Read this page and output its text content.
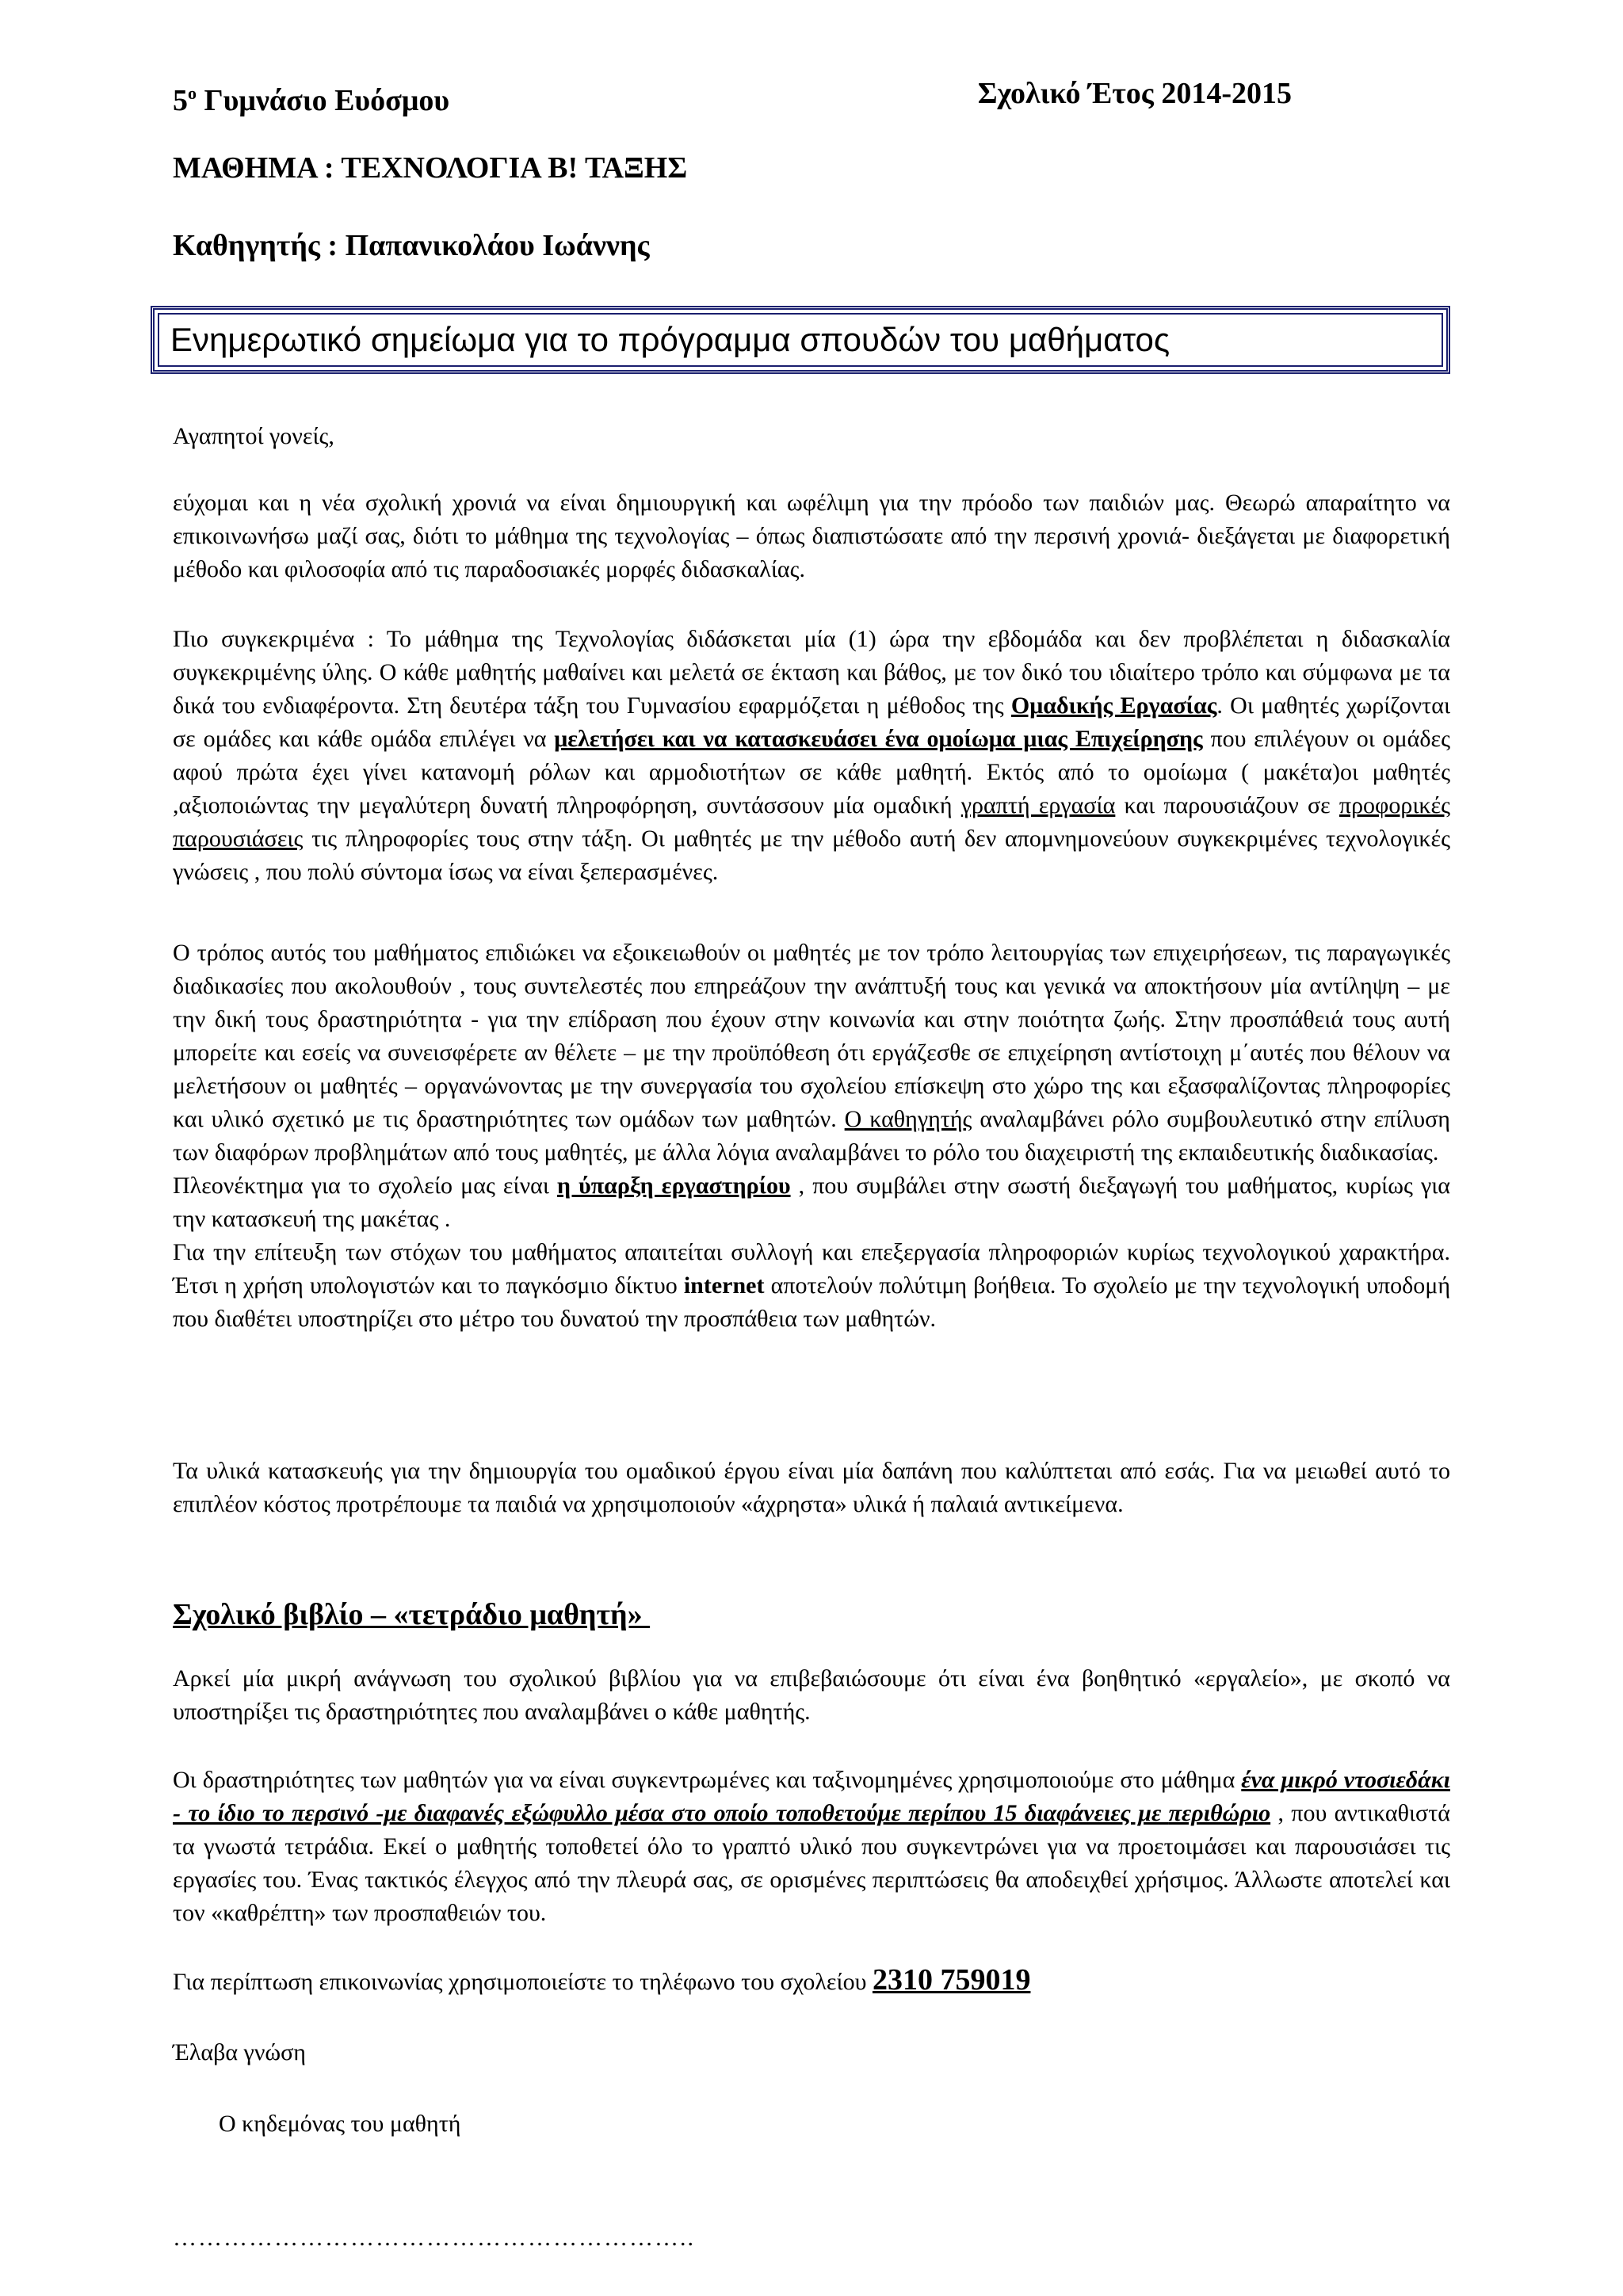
$5^o$ Γυμνάσιο Ευόσμου	Σχολικό Έτος 2014-2015
ΜΑΘΗΜΑ : ΤΕΧΝΟΛΟΓΙΑ Β! ΤΑΞΗΣ
Καθηγητής : Παπανικολάου Ιωάννης
Ενημερωτικό σημείωμα για το πρόγραμμα σπουδών του μαθήματος
Αγαπητοί γονείς,

εύχομαι και η νέα σχολική χρονιά να είναι δημιουργική και ωφέλιμη για την πρόοδο των παιδιών μας. Θεωρώ απαραίτητο να επικοινωνήσω μαζί σας, διότι το μάθημα της τεχνολογίας – όπως διαπιστώσατε από την περσινή χρονιά- διεξάγεται με διαφορετική μέθοδο και φιλοσοφία από τις παραδοσιακές μορφές διδασκαλίας.

Πιο συγκεκριμένα : Το μάθημα της Τεχνολογίας διδάσκεται μία (1) ώρα την εβδομάδα και δεν προβλέπεται η διδασκαλία συγκεκριμένης ύλης. Ο κάθε μαθητής μαθαίνει και μελετά σε έκταση και βάθος, με τον δικό του ιδιαίτερο τρόπο και σύμφωνα με τα δικά του ενδιαφέροντα. Στη δευτέρα τάξη του Γυμνασίου εφαρμόζεται η μέθοδος της Ομαδικής Εργασίας. Οι μαθητές χωρίζονται σε ομάδες και κάθε ομάδα επιλέγει να μελετήσει και να κατασκευάσει ένα ομοίωμα μιας Επιχείρησης που επιλέγουν οι ομάδες αφού πρώτα έχει γίνει κατανομή ρόλων και αρμοδιοτήτων σε κάθε μαθητή. Εκτός από το ομοίωμα ( μακέτα)οι μαθητές ,αξιοποιώντας την μεγαλύτερη δυνατή πληροφόρηση, συντάσσουν μία ομαδική γραπτή εργασία και παρουσιάζουν σε προφορικές παρουσιάσεις τις πληροφορίες τους στην τάξη. Οι μαθητές με την μέθοδο αυτή δεν απομνημονεύουν συγκεκριμένες τεχνολογικές γνώσεις , που πολύ σύντομα ίσως να είναι ξεπερασμένες.

Ο τρόπος αυτός του μαθήματος επιδιώκει να εξοικειωθούν οι μαθητές με τον τρόπο λειτουργίας των επιχειρήσεων, τις παραγωγικές διαδικασίες που ακολουθούν , τους συντελεστές που επηρεάζουν την ανάπτυξή τους και γενικά να αποκτήσουν μία αντίληψη – με την δική τους δραστηριότητα - για την επίδραση που έχουν στην κοινωνία και στην ποιότητα ζωής. Στην προσπάθειά τους αυτή μπορείτε και εσείς να συνεισφέρετε αν θέλετε – με την προϋπόθεση ότι εργάζεσθε σε επιχείρηση αντίστοιχη μ΄αυτές που θέλουν να μελετήσουν οι μαθητές – οργανώνοντας με την συνεργασία του σχολείου επίσκεψη στο χώρο της και εξασφαλίζοντας πληροφορίες και υλικό σχετικό με τις δραστηριότητες των ομάδων των μαθητών. Ο καθηγητής αναλαμβάνει ρόλο συμβουλευτικό στην επίλυση των διαφόρων προβλημάτων από τους μαθητές, με άλλα λόγια αναλαμβάνει το ρόλο του διαχειριστή της εκπαιδευτικής διαδικασίας.

Πλεονέκτημα για το σχολείο μας είναι η ύπαρξη εργαστηρίου , που συμβάλει στην σωστή διεξαγωγή του μαθήματος, κυρίως για την κατασκευή της μακέτας .

Για την επίτευξη των στόχων του μαθήματος απαιτείται συλλογή και επεξεργασία πληροφοριών κυρίως τεχνολογικού χαρακτήρα. Έτσι η χρήση υπολογιστών και το παγκόσμιο δίκτυο internet αποτελούν πολύτιμη βοήθεια. Το σχολείο με την τεχνολογική υποδομή που διαθέτει υποστηρίζει στο μέτρο του δυνατού την προσπάθεια των μαθητών.

Τα υλικά κατασκευής για την δημιουργία του ομαδικού έργου είναι μία δαπάνη που καλύπτεται από εσάς. Για να μειωθεί αυτό το επιπλέον κόστος προτρέπουμε τα παιδιά να χρησιμοποιούν «άχρηστα» υλικά ή παλαιά αντικείμενα.

Σχολικό βιβλίο – «τετράδιο μαθητή»

Αρκεί μία μικρή ανάγνωση του σχολικού βιβλίου για να επιβεβαιώσουμε ότι είναι ένα βοηθητικό «εργαλείο», με σκοπό να υποστηρίξει τις δραστηριότητες που αναλαμβάνει ο κάθε μαθητής.

Οι δραστηριότητες των μαθητών για να είναι συγκεντρωμένες και ταξινομημένες χρησιμοποιούμε στο μάθημα ένα μικρό ντοσιεδάκι - το ίδιο το περσινό -με διαφανές εξώφυλλο μέσα στο οποίο τοποθετούμε περίπου 15 διαφάνειες με περιθώριο , που αντικαθιστά τα γνωστά τετράδια. Εκεί ο μαθητής τοποθετεί όλο το γραπτό υλικό που συγκεντρώνει για να προετοιμάσει και παρουσιάσει τις εργασίες του. Ένας τακτικός έλεγχος από την πλευρά σας, σε ορισμένες περιπτώσεις θα αποδειχθεί χρήσιμος. Άλλωστε αποτελεί και τον «καθρέπτη» των προσπαθειών του.

Για περίπτωση επικοινωνίας χρησιμοποιείστε το τηλέφωνο του σχολείου 2310 759019
Έλαβα γνώση
Ο κηδεμόνας του μαθητή
……………………………………………………..
